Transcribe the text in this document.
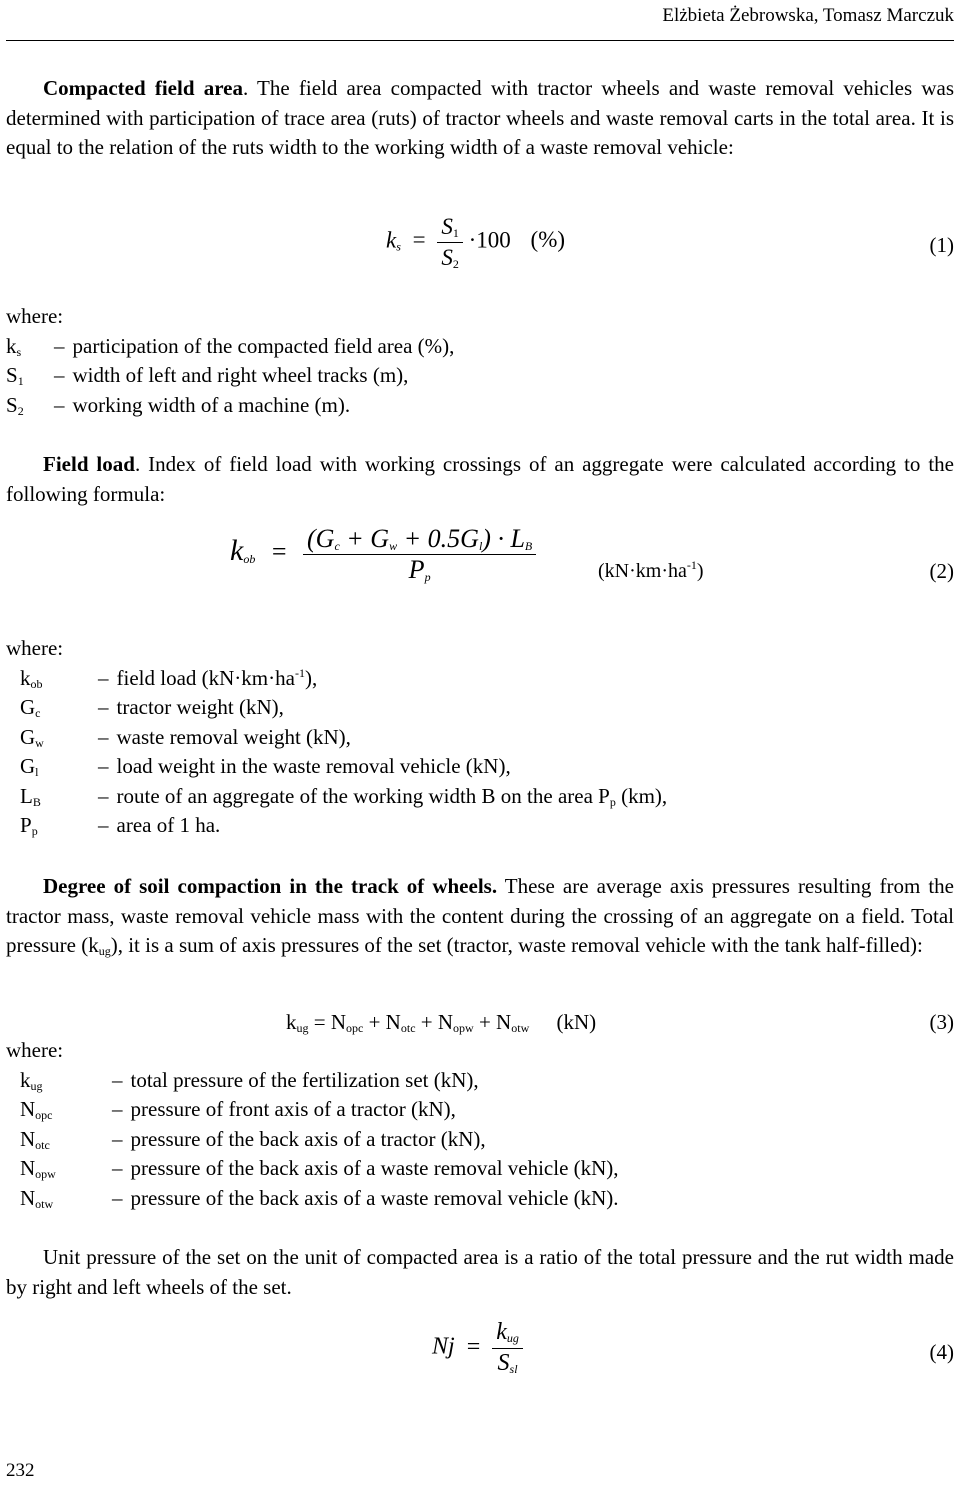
Elżbieta Żebrowska, Tomasz Marczuk

Compacted field area. The field area compacted with tractor wheels and waste removal vehicles was determined with participation of trace area (ruts) of tractor wheels and waste removal carts in the total area. It is equal to the relation of the ruts width to the working width of a waste removal vehicle:

$k_s = \frac{S_1}{S_2} \cdot 100$ (%)	(1)

where:

$k_s$	– participation of the compacted field area (%),
$S_1$	– width of left and right wheel tracks (m),
$S_2$	– working width of a machine (m).

Field load. Index of field load with working crossings of an aggregate were calculated according to the following formula:

$k_{ob} = \frac{(G_c + G_w + 0.5G_l) \cdot L_B}{P_p}$	$(kN\cdot km\cdot ha^{-1})$	(2)

where:

$k_{ob}$	– field load $(kN\cdot km\cdot ha^{-1})$,
$G_c$	– tractor weight (kN),
$G_w$	– waste removal weight (kN),
$G_l$	– load weight in the waste removal vehicle (kN),
$L_B$	– route of an aggregate of the working width B on the area $P_p$ (km),
$P_p$	– area of 1 ha.

Degree of soil compaction in the track of wheels. These are average axis pressures resulting from the tractor mass, waste removal vehicle mass with the content during the crossing of an aggregate on a field. Total pressure $(k_{ug})$, it is a sum of axis pressures of the set (tractor, waste removal vehicle with the tank half-filled):

$k_{ug} = N_{opc} + N_{otc} + N_{opw} + N_{otw}$ (kN)	(3)

where:

$k_{ug}$	– total pressure of the fertilization set (kN),
$N_{opc}$	– pressure of front axis of a tractor (kN),
$N_{otc}$	– pressure of the back axis of a tractor (kN),
$N_{opw}$	– pressure of the back axis of a waste removal vehicle (kN),
$N_{otw}$	– pressure of the back axis of a waste removal vehicle (kN).

Unit pressure of the set on the unit of compacted area is a ratio of the total pressure and the rut width made by right and left wheels of the set.

$Nj = \frac{k_{ug}}{S_{sl}}$	(4)
232
